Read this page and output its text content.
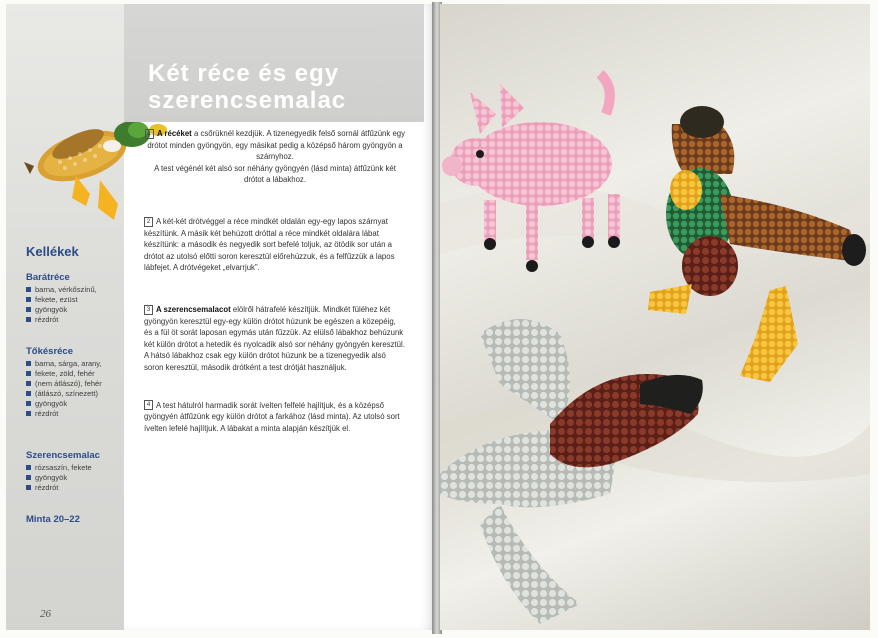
Kellékek
Barátréce
barna, vérkőszínű,
fekete, ezüst
gyöngyök
rézdrót
Tőkésréce
barna, sárga, arany,
fekete, zöld, fehér
(nem átlászó), fehér
(átlászó, színezett)
gyöngyök
rézdrót
Szerencsemalac
rózsaszín, fekete
gyöngyök
rézdrót
Minta 20–22
26
Két réce és egy
szerencsemalac

1 A récéket a csőrüknél kezdjük. A tizenegyedik felső sornál átfűzünk egy drótot minden gyöngyön, egy másikat pedig a középső három gyöngyön a szárnyhoz.
A test végénél két alsó sor néhány gyöngyén (lásd minta) átfűzünk két drótot a lábakhoz.

2 A két-két drótvéggel a réce mindkét oldalán egy-egy lapos szárnyat készítünk. A másik két behúzott dróttal a réce mindkét oldalára lábat készítünk: a második és negyedik sort befelé toljuk, az ötödik sor után a drótot az utolsó előtti soron keresztül előrehúzzuk, és a felfűzzük a lapos lábfejet. A drótvégeket „elvarrjuk”.

3 A szerencsemalacot elölről hátrafelé készítjük. Mindkét füléhez két gyöngyön keresztül egy-egy külön drótot húzunk be egészen a közepéig, és a fül öt sorát laposan egymás után fűzzük. Az elülső lábakhoz behúzunk két külön drótot a hetedik és nyolcadik alsó sor néhány gyöngyén keresztül. A hátsó lábakhoz csak egy külön drótot húzunk be a tizenegyedik alsó soron keresztül, második drótként a test drótját használjuk.

4 A test hátulról harmadik sorát ívelten felfelé hajlítjuk, és a középső gyöngyén átfűzünk egy külön drótot a farkához (lásd minta). Az utolsó sort ívelten lefelé hajlítjuk. A lábakat a minta alapján készítjük el.
